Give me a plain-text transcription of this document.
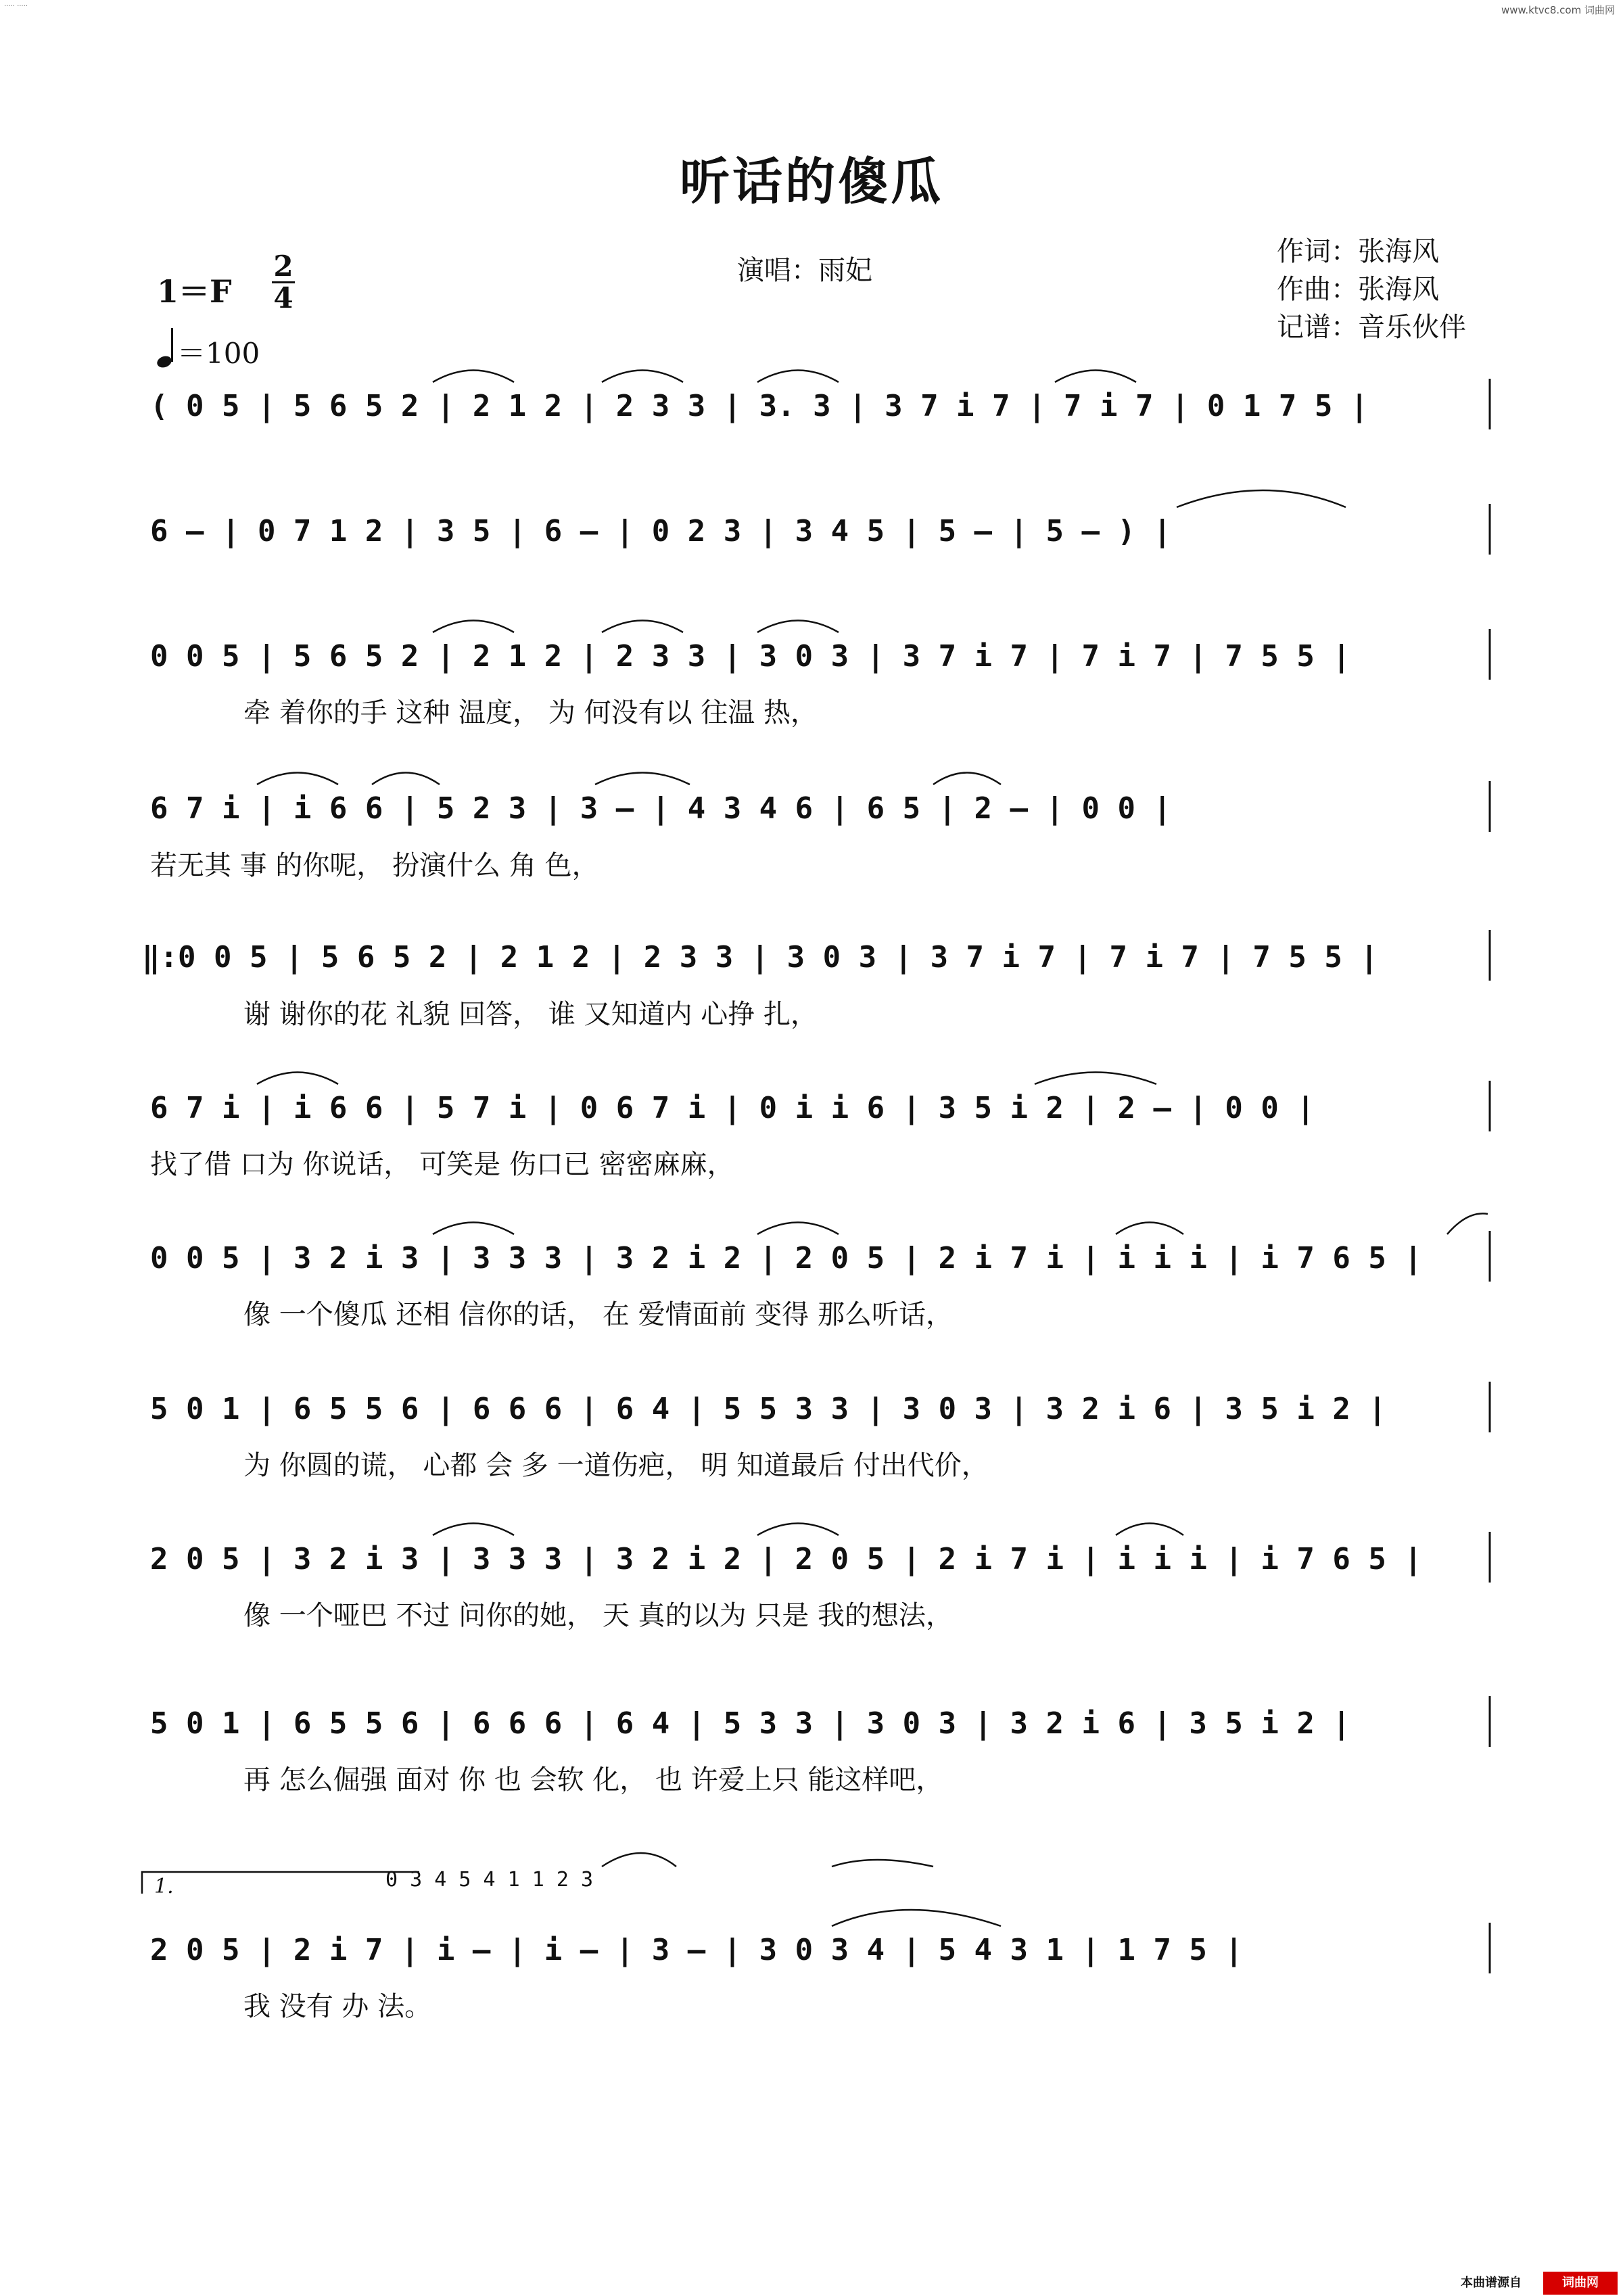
····· ·····	www.ktvc8.com 词曲网
听话的傻瓜
演唱：雨妃
作词：张海风
作曲：张海风
记谱：音乐伙伴
1＝F
2
4
＝100
( 0 5 | 5 6 5 2 | 2 1 2 | 2 3 3 | 3. 3 | 3 7 i 7 | 7 i 7 | 0 1 7 5 |
6 – | 0 7 1 2 | 3 5 | 6 – | 0 2 3 | 3 4 5 | 5 – | 5 – ) |
0 0 5 | 5 6 5 2 | 2 1 2 | 2 3 3 | 3 0 3 | 3 7 i 7 | 7 i 7 | 7 5 5 |
牵 着你的手 这种 温度， 为 何没有以 往温 热，
6 7 i | i 6 6 | 5 2 3 | 3 – | 4 3 4 6 | 6 5 | 2 – | 0 0 |
若无其 事 的你呢， 扮演什么 角 色，
‖:0 0 5 | 5 6 5 2 | 2 1 2 | 2 3 3 | 3 0 3 | 3 7 i 7 | 7 i 7 | 7 5 5 |
谢 谢你的花 礼貌 回答， 谁 又知道内 心挣 扎，
6 7 i | i 6 6 | 5 7 i | 0 6 7 i | 0 i i 6 | 3 5 i 2 | 2 – | 0 0 |
找了借 口为 你说话， 可笑是 伤口已 密密麻麻，
0 0 5 | 3 2 i 3 | 3 3 3 | 3 2 i 2 | 2 0 5 | 2 i 7 i | i i i | i 7 6 5 |
像 一个傻瓜 还相 信你的话， 在 爱情面前 变得 那么听话，
5 0 1 | 6 5 5 6 | 6 6 6 | 6 4 | 5 5 3 3 | 3 0 3 | 3 2 i 6 | 3 5 i 2 |
为 你圆的谎， 心都 会 多 一道伤疤， 明 知道最后 付出代价，
2 0 5 | 3 2 i 3 | 3 3 3 | 3 2 i 2 | 2 0 5 | 2 i 7 i | i i i | i 7 6 5 |
像 一个哑巴 不过 问你的她， 天 真的以为 只是 我的想法，
5 0 1 | 6 5 5 6 | 6 6 6 | 6 4 | 5 3 3 | 3 0 3 | 3 2 i 6 | 3 5 i 2 |
再 怎么倔强 面对 你 也 会软 化， 也 许爱上只 能这样吧，
1.	0 3 4 5 4 1 1 2 3
2 0 5 | 2 i 7 | i – | i – | 3 – | 3 0 3 4 | 5 4 3 1 | 1 7 5 |
我 没有 办 法。
本曲谱源自	词曲网
